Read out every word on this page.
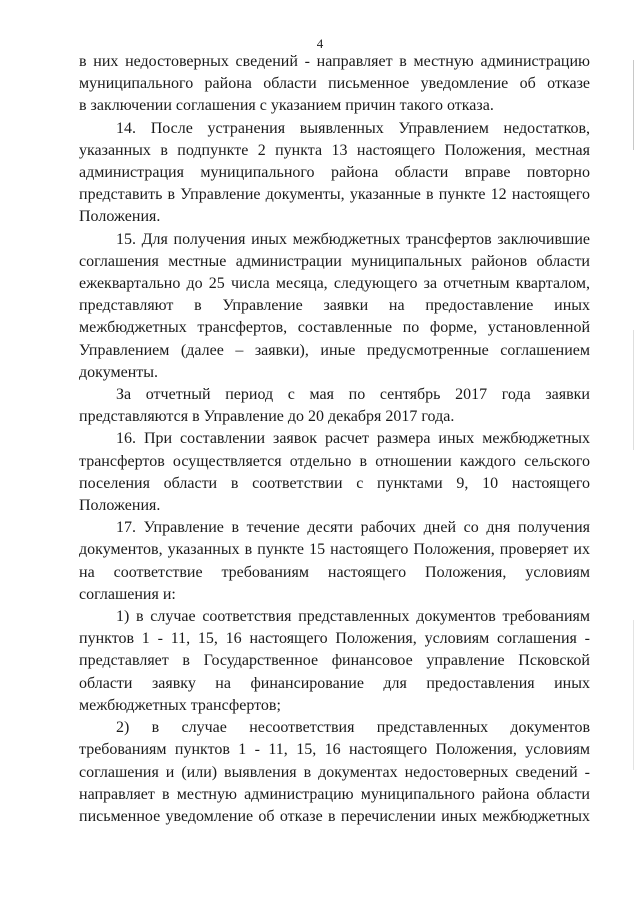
4

в них недостоверных сведений - направляет в местную администрацию
муниципального района области письменное уведомление об отказе
в заключении соглашения с указанием причин такого отказа.

14. После устранения выявленных Управлением недостатков,
указанных в подпункте 2 пункта 13 настоящего Положения, местная
администрация муниципального района области вправе повторно
представить в Управление документы, указанные в пункте 12 настоящего
Положения.

15. Для получения иных межбюджетных трансфертов заключившие
соглашения местные администрации муниципальных районов области
ежеквартально до 25 числа месяца, следующего за отчетным кварталом,
представляют в Управление заявки на предоставление иных
межбюджетных трансфертов, составленные по форме, установленной
Управлением (далее – заявки), иные предусмотренные соглашением
документы.

За отчетный период с мая по сентябрь 2017 года заявки
представляются в Управление до 20 декабря 2017 года.

16. При составлении заявок расчет размера иных межбюджетных
трансфертов осуществляется отдельно в отношении каждого сельского
поселения области в соответствии с пунктами 9, 10 настоящего
Положения.

17. Управление в течение десяти рабочих дней со дня получения
документов, указанных в пункте 15 настоящего Положения, проверяет их
на соответствие требованиям настоящего Положения, условиям
соглашения и:

1) в случае соответствия представленных документов требованиям
пунктов 1 - 11, 15, 16 настоящего Положения, условиям соглашения -
представляет в Государственное финансовое управление Псковской
области заявку на финансирование для предоставления иных
межбюджетных трансфертов;

2) в случае несоответствия представленных документов
требованиям пунктов 1 - 11, 15, 16 настоящего Положения, условиям
соглашения и (или) выявления в документах недостоверных сведений -
направляет в местную администрацию муниципального района области
письменное уведомление об отказе в перечислении иных межбюджетных
